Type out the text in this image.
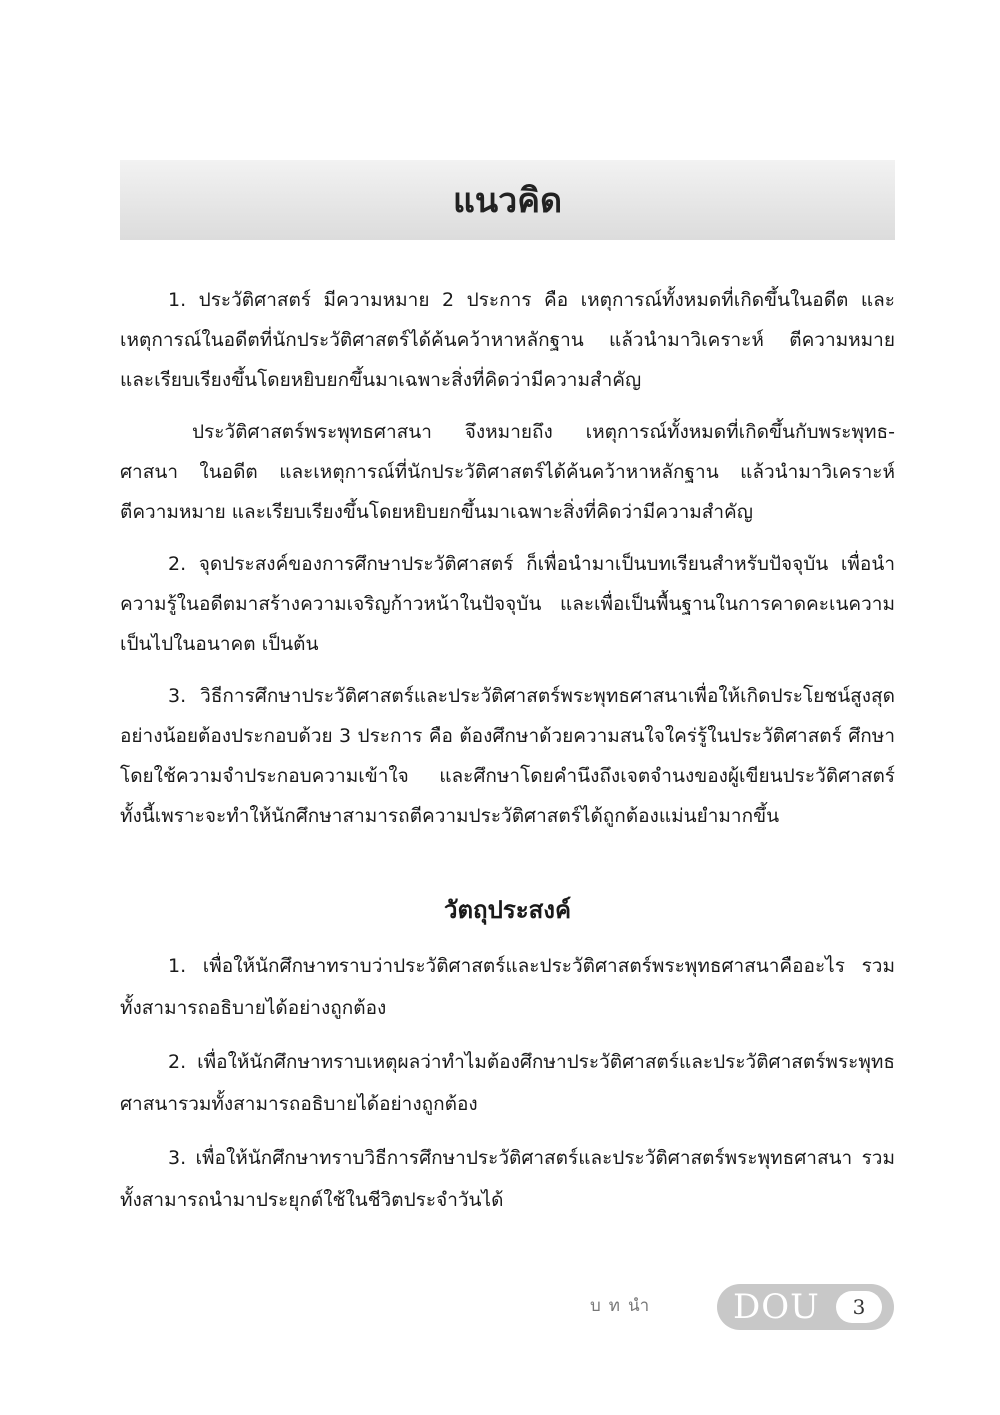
แนวคิด

1. ประวัติศาสตร์ มีความหมาย 2 ประการ คือ เหตุการณ์ทั้งหมดที่เกิดขึ้นในอดีต และเหตุการณ์ในอดีตที่นักประวัติศาสตร์ได้ค้นคว้าหาหลักฐาน แล้วนำมาวิเคราะห์ ตีความหมาย และเรียบเรียงขึ้นโดยหยิบยกขึ้นมาเฉพาะสิ่งที่คิดว่ามีความสำคัญ

ประวัติศาสตร์พระพุทธศาสนา จึงหมายถึง เหตุการณ์ทั้งหมดที่เกิดขึ้นกับพระพุทธ-ศาสนา ในอดีต และเหตุการณ์ที่นักประวัติศาสตร์ได้ค้นคว้าหาหลักฐาน แล้วนำมาวิเคราะห์ ตีความหมาย และเรียบเรียงขึ้นโดยหยิบยกขึ้นมาเฉพาะสิ่งที่คิดว่ามีความสำคัญ

2. จุดประสงค์ของการศึกษาประวัติศาสตร์ ก็เพื่อนำมาเป็นบทเรียนสำหรับปัจจุบัน เพื่อนำความรู้ในอดีตมาสร้างความเจริญก้าวหน้าในปัจจุบัน และเพื่อเป็นพื้นฐานในการคาดคะเนความเป็นไปในอนาคต เป็นต้น

3. วิธีการศึกษาประวัติศาสตร์และประวัติศาสตร์พระพุทธศาสนาเพื่อให้เกิดประโยชน์สูงสุด อย่างน้อยต้องประกอบด้วย 3 ประการ คือ ต้องศึกษาด้วยความสนใจใคร่รู้ในประวัติศาสตร์ ศึกษาโดยใช้ความจำประกอบความเข้าใจ และศึกษาโดยคำนึงถึงเจตจำนงของผู้เขียนประวัติศาสตร์ ทั้งนี้เพราะจะทำให้นักศึกษาสามารถตีความประวัติศาสตร์ได้ถูกต้องแม่นยำมากขึ้น

วัตถุประสงค์

1. เพื่อให้นักศึกษาทราบว่าประวัติศาสตร์และประวัติศาสตร์พระพุทธศาสนาคืออะไร รวมทั้งสามารถอธิบายได้อย่างถูกต้อง

2. เพื่อให้นักศึกษาทราบเหตุผลว่าทำไมต้องศึกษาประวัติศาสตร์และประวัติศาสตร์พระพุทธศาสนารวมทั้งสามารถอธิบายได้อย่างถูกต้อง

3. เพื่อให้นักศึกษาทราบวิธีการศึกษาประวัติศาสตร์และประวัติศาสตร์พระพุทธศาสนา รวมทั้งสามารถนำมาประยุกต์ใช้ในชีวิตประจำวันได้

บทนำ DOU	3
